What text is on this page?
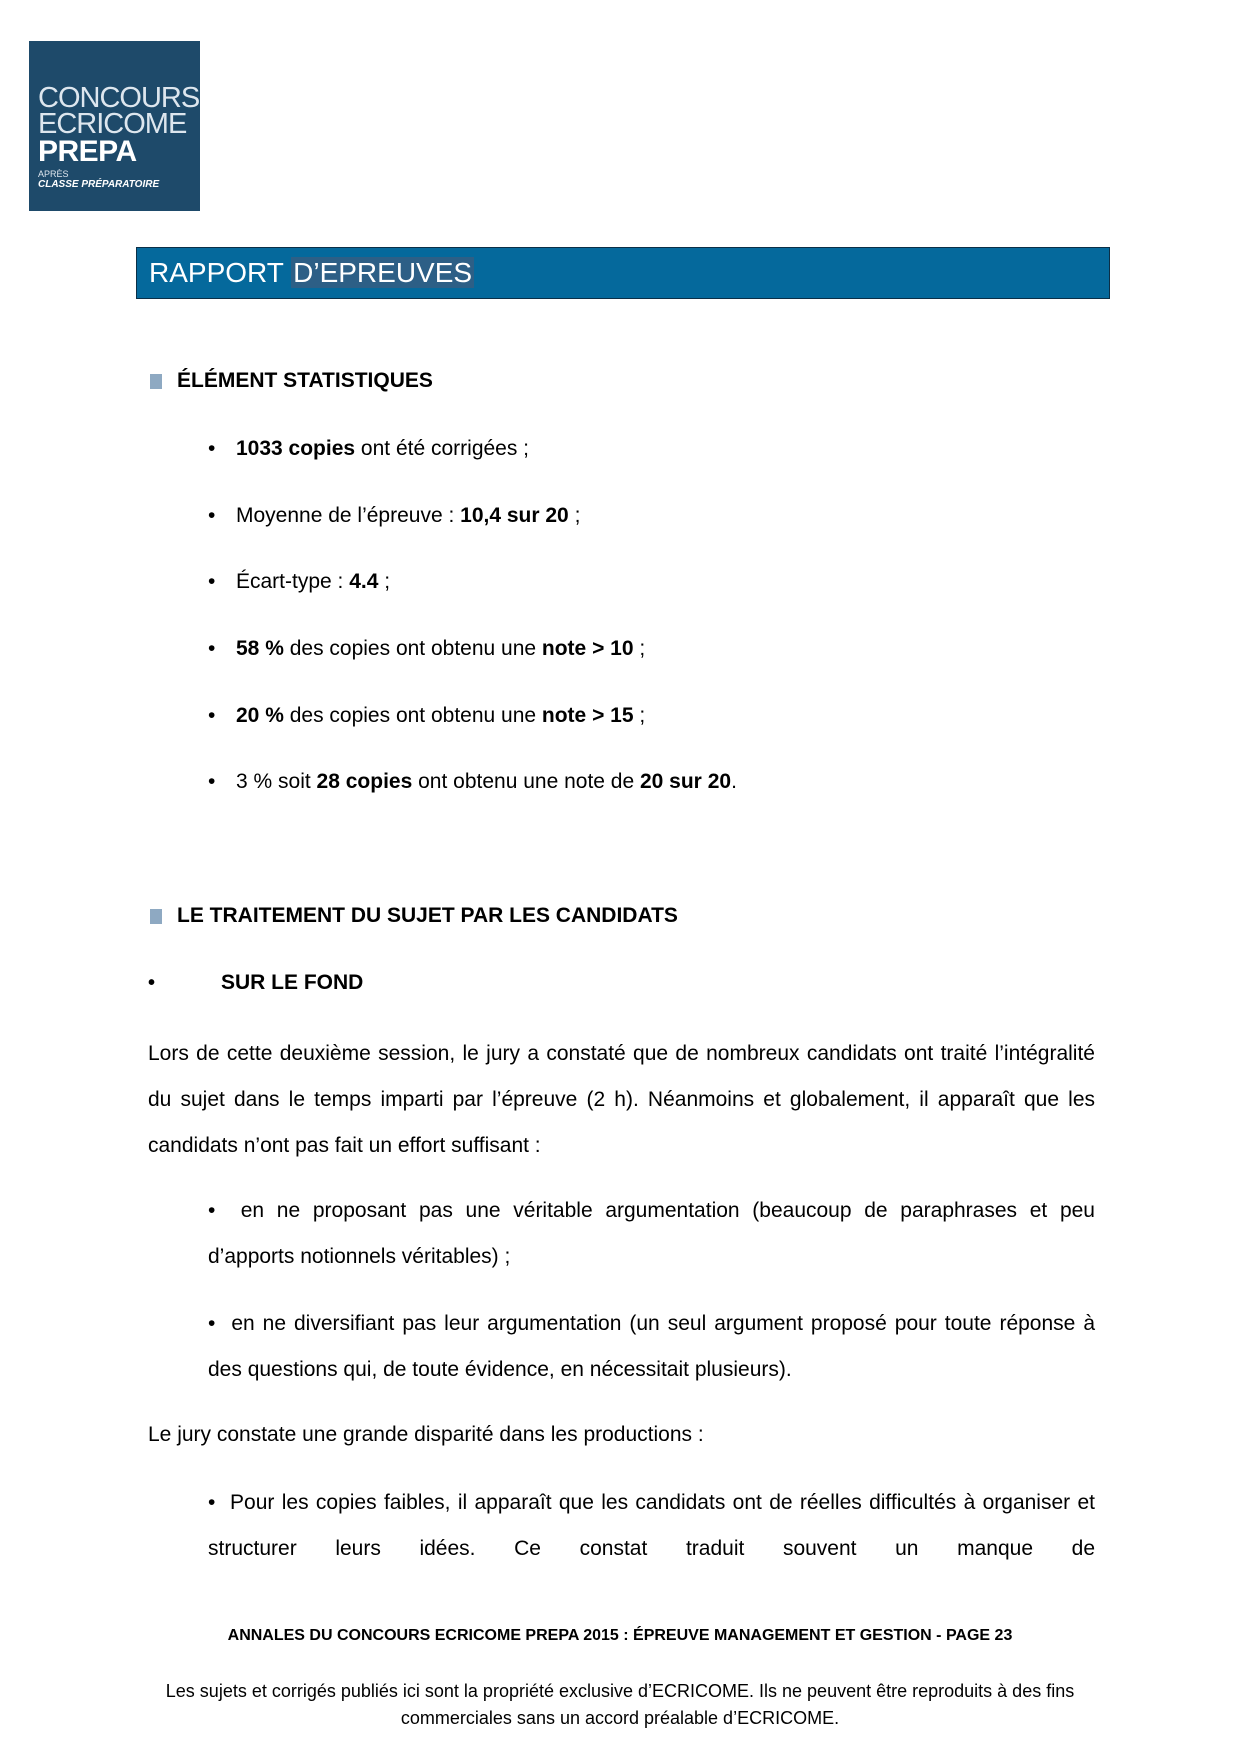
CONCOURS
ECRICOME
PREPA
APRÈS
CLASSE PRÉPARATOIRE
RAPPORT D’EPREUVES
ÉLÉMENT STATISTIQUES
• 1033 copies ont été corrigées ;
• Moyenne de l’épreuve : 10,4 sur 20 ;
• Écart-type : 4.4 ;
• 58 % des copies ont obtenu une note > 10 ;
• 20 % des copies ont obtenu une note > 15 ;
• 3 % soit 28 copies ont obtenu une note de 20 sur 20.
LE TRAITEMENT DU SUJET PAR LES CANDIDATS
•	SUR LE FOND
Lors de cette deuxième session, le jury a constaté que de nombreux candidats ont traité l’intégralité du sujet dans le temps imparti par l’épreuve (2 h). Néanmoins et globalement, il apparaît que les candidats n’ont pas fait un effort suffisant :
•  en ne proposant pas une véritable argumentation (beaucoup de paraphrases et peu d’apports notionnels véritables) ;
•  en ne diversifiant pas leur argumentation (un seul argument proposé pour toute réponse à des questions qui, de toute évidence, en nécessitait plusieurs).
Le jury constate une grande disparité dans les productions :
•  Pour les copies faibles, il apparaît que les candidats ont de réelles difficultés à organiser et structurer leurs idées. Ce constat traduit souvent un manque de
ANNALES DU CONCOURS ECRICOME PREPA 2015 : ÉPREUVE MANAGEMENT ET GESTION - PAGE 23
Les sujets et corrigés publiés ici sont la propriété exclusive d’ECRICOME. Ils ne peuvent être reproduits à des fins commerciales sans un accord préalable d’ECRICOME.
